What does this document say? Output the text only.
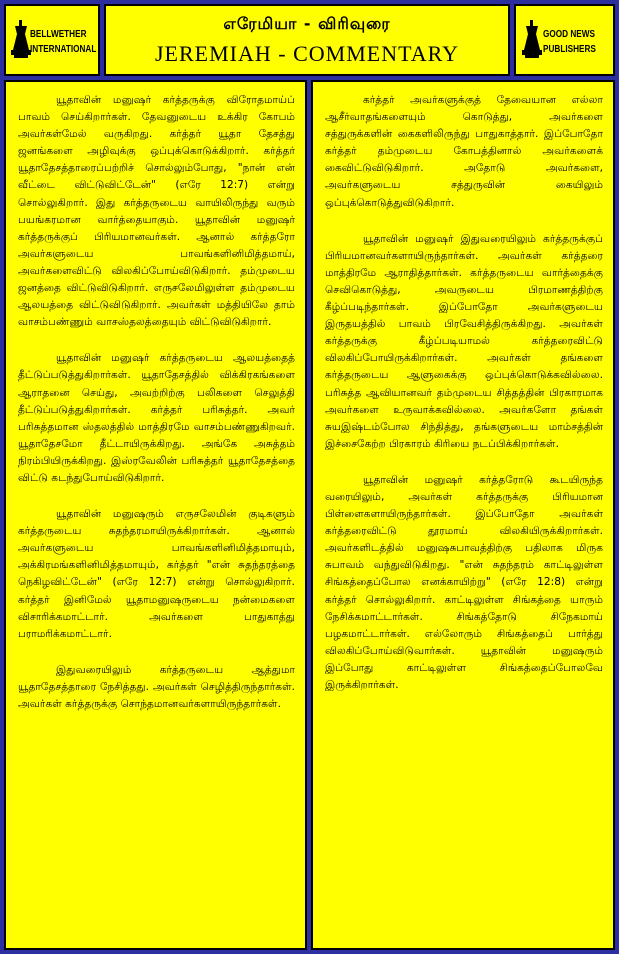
BELLWETHER
INTERNATIONAL
எரேமியா - விரிவுரை
JEREMIAH - COMMENTARY
GOOD NEWS
PUBLISHERS

யூதாவின் மனுஷர் கர்த்தருக்கு விரோதமாய்ப் பாவம் செய்கிறார்கள். தேவனுடைய உக்கிர கோபம் அவர்கள்மேல் வருகிறது. கர்த்தர் யூதா தேசத்து ஜனங்களை அழிவுக்கு ஒப்புக்கொடுக்கிறார். கர்த்தர் யூதாதேசத்தாரைப்பற்றிச் சொல்லும்போது, "நான் என் வீட்டை விட்டுவிட்டேன்" (எரே 12:7) என்று சொல்லுகிறார். இது கர்த்தருடைய வாயிலிருந்து வரும் பயங்கரமான வார்த்தையாகும். யூதாவின் மனுஷர் கர்த்தருக்குப் பிரியமானவர்கள். ஆனால் கர்த்தரோ அவர்களுடைய பாவங்களினிமித்தமாய், அவர்களைவிட்டு விலகிப்போய்விடுகிறார். தம்முடைய ஜனத்தை விட்டுவிடுகிறார். எருசலேமிலுள்ள தம்முடைய ஆலயத்தை விட்டுவிடுகிறார். அவர்கள் மத்தியிலே தாம் வாசம்பண்ணும் வாசஸ்தலத்தையும் விட்டுவிடுகிறார்.

யூதாவின் மனுஷர் கர்த்தருடைய ஆலயத்தைத் தீட்டுப்படுத்துகிறார்கள். யூதாதேசத்தில் விக்கிரகங்களை ஆராதனை செய்து, அவற்றிற்கு பலிகளை செலுத்தி தீட்டுப்படுத்துகிறார்கள். கர்த்தர் பரிசுத்தர். அவர் பரிசுத்தமான ஸ்தலத்தில் மாத்திரமே வாசம்பண்ணுகிறவர். யூதாதேசமோ தீட்டாயிருக்கிறது. அங்கே அசுத்தம் நிரம்பியிருக்கிறது. இஸ்ரவேலின் பரிசுத்தர் யூதாதேசத்தை விட்டு கடந்துபோய்விடுகிறார்.

யூதாவின் மனுஷரும் எருசலேமின் குடிகளும் கர்த்தருடைய சுதந்தரமாயிருக்கிறார்கள். ஆனால் அவர்களுடைய பாவங்களினிமித்தமாயும், அக்கிரமங்களினிமித்தமாயும், கர்த்தர் "என் சுதந்தரத்தை நெகிழவிட்டேன்" (எரே 12:7) என்று சொல்லுகிறார். கர்த்தர் இனிமேல் யூதாமனுஷருடைய நன்மைகளை விசாரிக்கமாட்டார். அவர்களை பாதுகாத்து பராமரிக்கமாட்டார்.

இதுவரையிலும் கர்த்தருடைய ஆத்துமா யூதாதேசத்தாரை நேசித்தது. அவர்கள் செழித்திருந்தார்கள். அவர்கள் கர்த்தருக்கு சொந்தமானவர்களாயிருந்தார்கள்.

கர்த்தர் அவர்களுக்குத் தேவையான எல்லா ஆசீர்வாதங்களையும் கொடுத்து, அவர்களை சத்துருக்களின் கைகளிலிருந்து பாதுகாத்தார். இப்போதோ கர்த்தர் தம்முடைய கோபத்தினால் அவர்களைக் கைவிட்டுவிடுகிறார். அதோடு அவர்களை, அவர்களுடைய சத்துருவின் கையிலும் ஒப்புக்கொடுத்துவிடுகிறார்.

யூதாவின் மனுஷர் இதுவரையிலும் கர்த்தருக்குப் பிரியமானவர்களாயிருந்தார்கள். அவர்கள் கர்த்தரை மாத்திரமே ஆராதித்தார்கள். கர்த்தருடைய வார்த்தைக்கு செவிகொடுத்து, அவருடைய பிரமாணத்திற்கு கீழ்ப்படிந்தார்கள். இப்போதோ அவர்களுடைய இருதயத்தில் பாவம் பிரவேசித்திருக்கிறது. அவர்கள் கர்த்தருக்கு கீழ்ப்படியாமல் கர்த்தரைவிட்டு விலகிப்போயிருக்கிறார்கள். அவர்கள் தங்களை கர்த்தருடைய ஆளுகைக்கு ஒப்புக்கொடுக்கவில்லை. பரிசுத்த ஆவியானவர் தம்முடைய சித்தத்தின் பிரகாரமாக அவர்களை உருவாக்கவில்லை. அவர்களோ தங்கள் சுயஇஷ்டம்போல சிந்தித்து, தங்களுடைய மாம்சத்தின் இச்சைகேற்ற பிரகாரம் கிரியை நடப்பிக்கிறார்கள்.

யூதாவின் மனுஷர் கர்த்தரோடு கூடயிருந்த வரையிலும், அவர்கள் கர்த்தருக்கு பிரியமான பிள்ளைகளாயிருந்தார்கள். இப்போதோ அவர்கள் கர்த்தரைவிட்டு தூரமாய் விலகியிருக்கிறார்கள். அவர்களிடத்தில் மனுஷசுபாவத்திற்கு பதிலாக மிருக சுபாவம் வந்துவிடுகிறது. "என் சுதந்தரம் காட்டிலுள்ள சிங்கத்தைப்போல எனக்காயிற்று" (எரே 12:8) என்று கர்த்தர் சொல்லுகிறார். காட்டிலுள்ள சிங்கத்தை யாரும் நேசிக்கமாட்டார்கள். சிங்கத்தோடு சிநேகமாய் பழகமாட்டார்கள். எல்லோரும் சிங்கத்தைப் பார்த்து விலகிப்போய்விடுவார்கள். யூதாவின் மனுஷரும் இப்போது காட்டிலுள்ள சிங்கத்தைப்போலவே இருக்கிறார்கள்.
